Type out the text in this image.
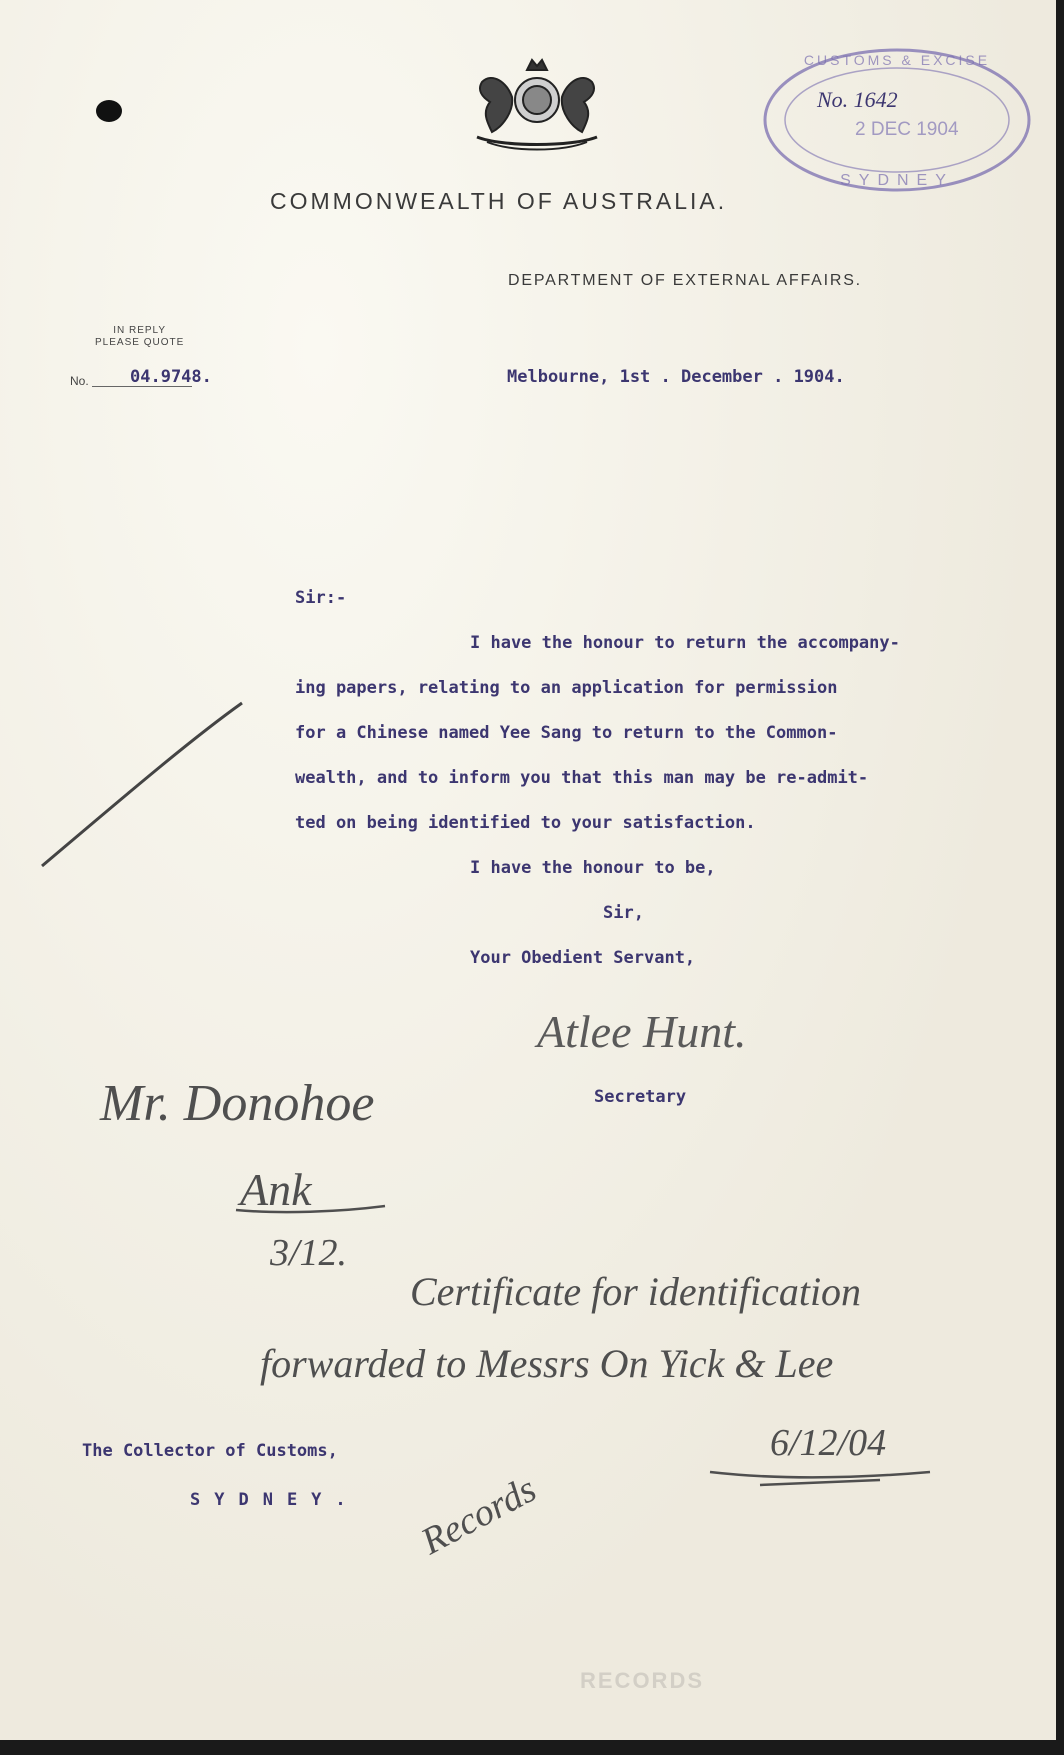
CUSTOMS & EXCISE
No. 1642
2 DEC 1904
SYDNEY
COMMONWEALTH OF AUSTRALIA.
DEPARTMENT OF EXTERNAL AFFAIRS.
IN REPLY
PLEASE QUOTE
No. 04.9748.	Melbourne, 1st . December . 1904.
Sir:-
I have the honour to return the accompany-
ing papers, relating to an application for permission
for a Chinese named Yee Sang to return to the Common-
wealth, and to inform you that this man may be re-admit-
ted on being identified to your satisfaction.
I have the honour to be,
Sir,
Your Obedient Servant,
Atlee Hunt.
Secretary
The Collector of Customs,
SYDNEY.
Mr. Donohoe
Ank
3/12.
Certificate for identification
forwarded to Messrs On Yick & Lee
6/12/04
Records
RECORDS
